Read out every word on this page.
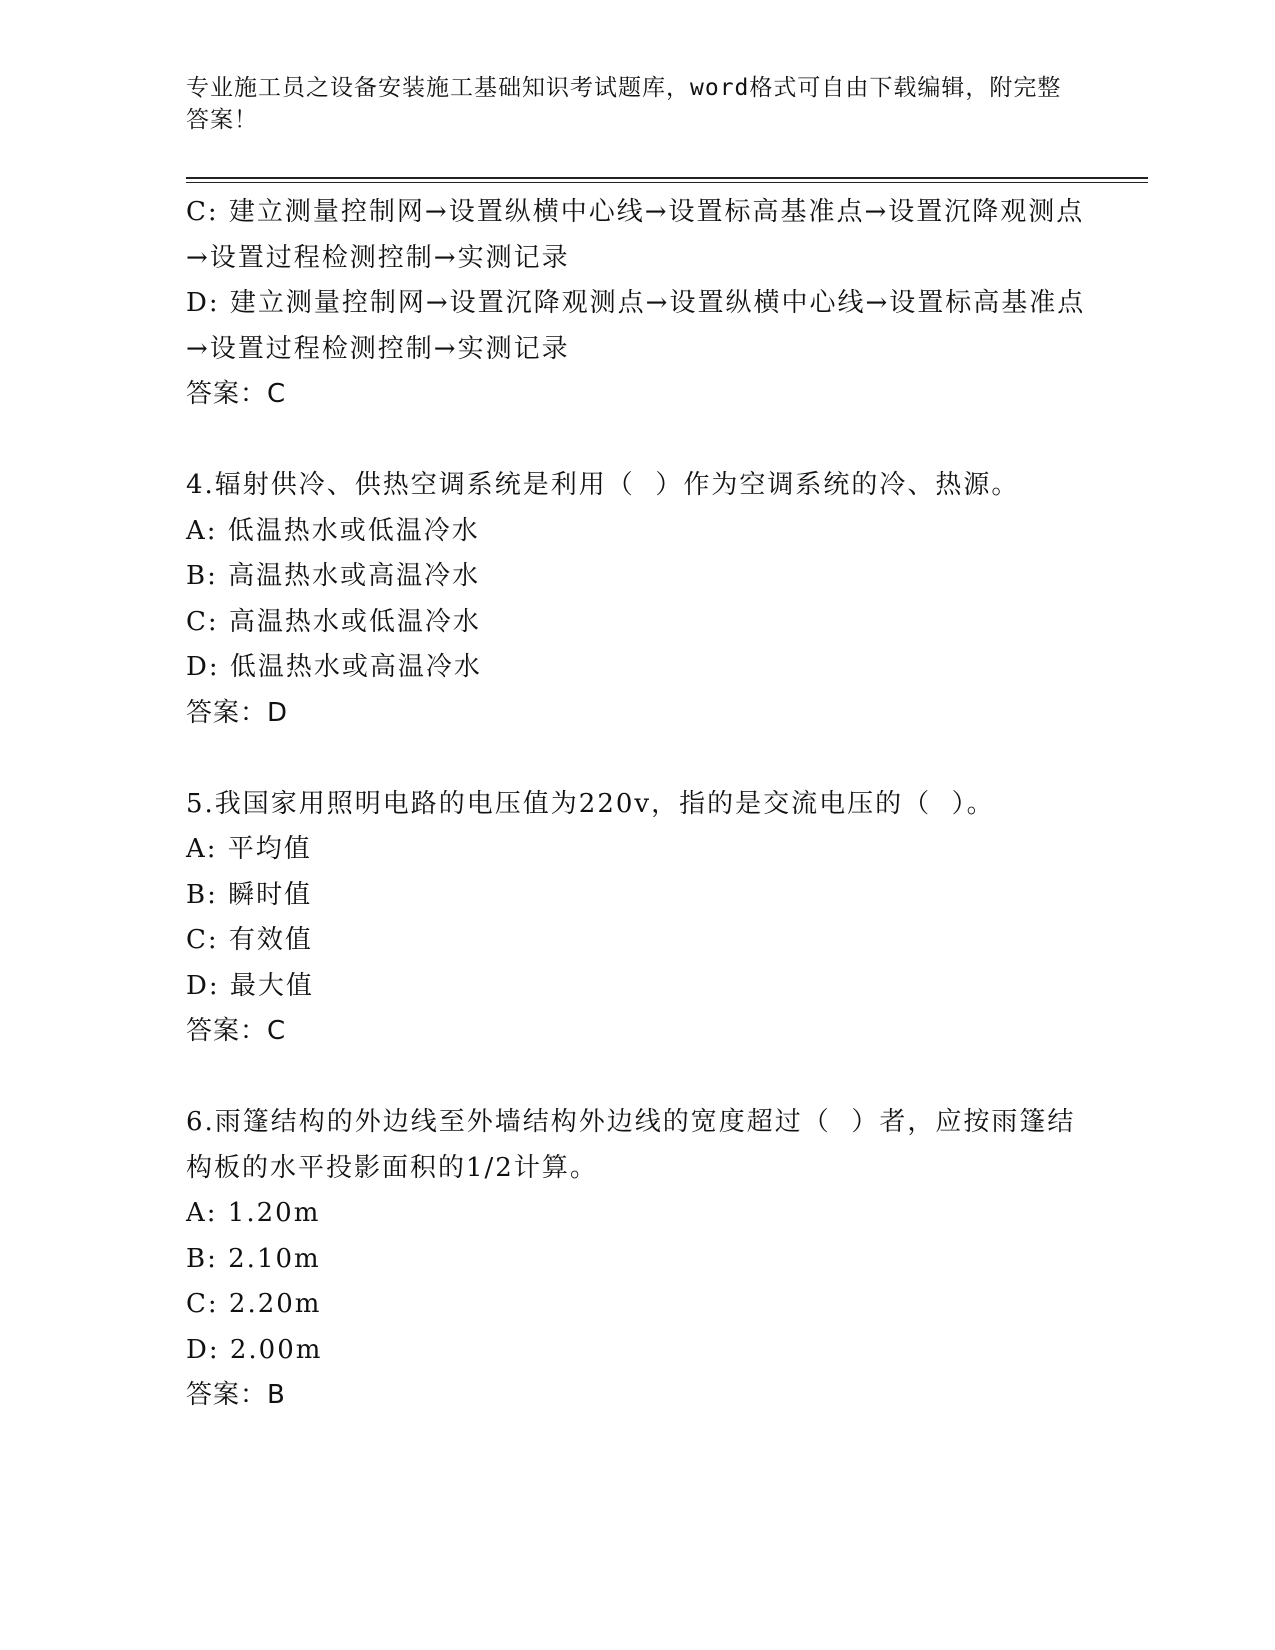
专业施工员之设备安装施工基础知识考试题库，word格式可自由下载编辑，附完整答案！

C: 建立测量控制网→设置纵横中心线→设置标高基准点→设置沉降观测点→设置过程检测控制→实测记录

D: 建立测量控制网→设置沉降观测点→设置纵横中心线→设置标高基准点→设置过程检测控制→实测记录

答案：C

4.辐射供冷、供热空调系统是利用（  ）作为空调系统的冷、热源。

A: 低温热水或低温冷水

B: 高温热水或高温冷水

C: 高温热水或低温冷水

D: 低温热水或高温冷水

答案：D

5.我国家用照明电路的电压值为220v，指的是交流电压的（  ）。

A: 平均值

B: 瞬时值

C: 有效值

D: 最大值

答案：C

6.雨篷结构的外边线至外墙结构外边线的宽度超过（  ）者，应按雨篷结构板的水平投影面积的1/2计算。

A: 1.20m

B: 2.10m

C: 2.20m

D: 2.00m

答案：B
